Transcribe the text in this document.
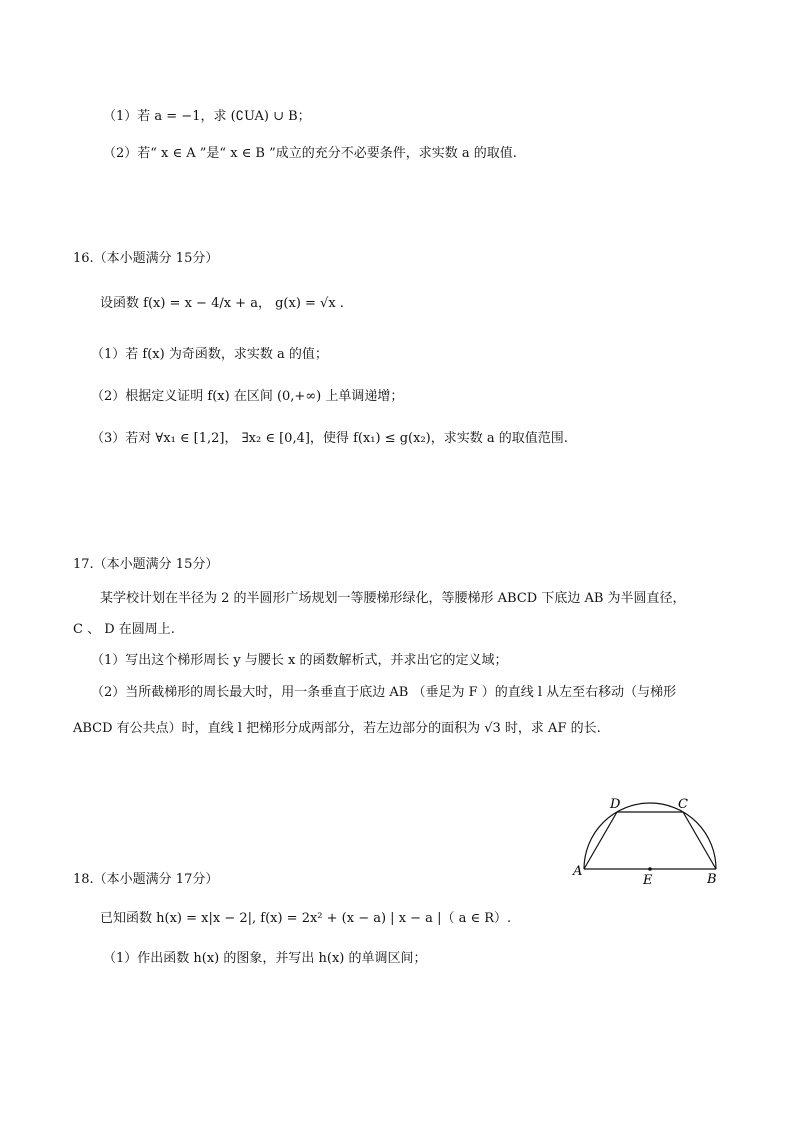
（1）若 a = −1，求 (∁UA) ∪ B；
（2）若“ x ∈ A ”是“ x ∈ B ”成立的充分不必要条件，求实数 a 的取值.
16.（本小题满分 15分）
设函数 f(x) = x − 4/x + a， g(x) = √x .
（1）若 f(x) 为奇函数，求实数 a 的值；
（2）根据定义证明 f(x) 在区间 (0,+∞) 上单调递增；
（3）若对 ∀x₁ ∈ [1,2]， ∃x₂ ∈ [0,4]，使得 f(x₁) ≤ g(x₂)，求实数 a 的取值范围.
17.（本小题满分 15分）
某学校计划在半径为 2 的半圆形广场规划一等腰梯形绿化，等腰梯形 ABCD 下底边 AB 为半圆直径，
C 、 D 在圆周上.
（1）写出这个梯形周长 y 与腰长 x 的函数解析式，并求出它的定义域；
（2）当所截梯形的周长最大时，用一条垂直于底边 AB （垂足为 F ）的直线 l 从左至右移动（与梯形
ABCD 有公共点）时，直线 l 把梯形分成两部分，若左边部分的面积为 √3 时，求 AF 的长.
A
B
C
D
E
18.（本小题满分 17分）
已知函数 h(x) = x|x − 2|, f(x) = 2x² + (x − a) | x − a |（ a ∈ R）.
（1）作出函数 h(x) 的图象，并写出 h(x) 的单调区间；
